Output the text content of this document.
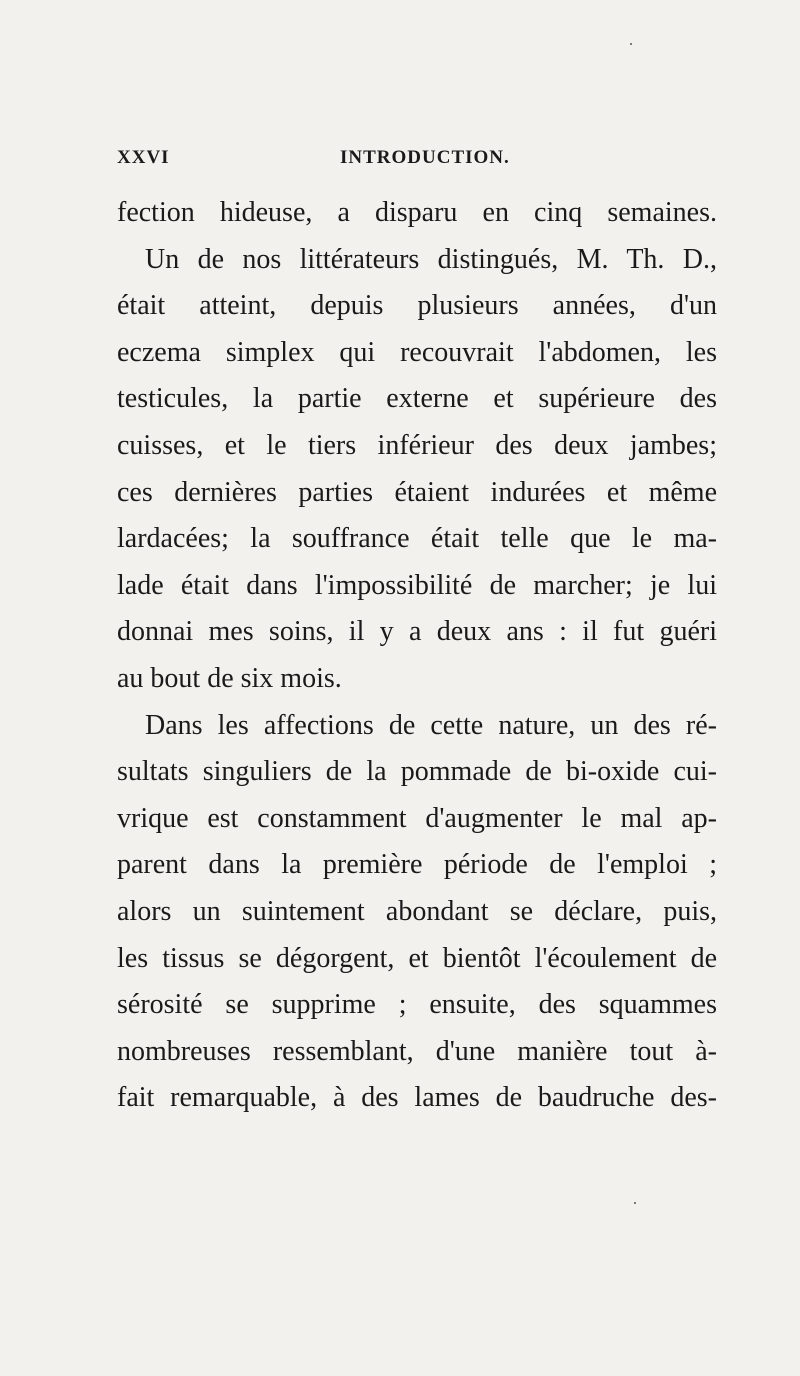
XXVI	INTRODUCTION.
fection hideuse, a disparu en cinq semaines.
Un de nos littérateurs distingués, M. Th. D.,
était atteint, depuis plusieurs années, d'un
eczema simplex qui recouvrait l'abdomen, les
testicules, la partie externe et supérieure des
cuisses, et le tiers inférieur des deux jambes;
ces dernières parties étaient indurées et même
lardacées; la souffrance était telle que le ma-
lade était dans l'impossibilité de marcher; je lui
donnai mes soins, il y a deux ans : il fut guéri
au bout de six mois.
Dans les affections de cette nature, un des ré-
sultats singuliers de la pommade de bi-oxide cui-
vrique est constamment d'augmenter le mal ap-
parent dans la première période de l'emploi ;
alors un suintement abondant se déclare, puis,
les tissus se dégorgent, et bientôt l'écoulement de
sérosité se supprime ; ensuite, des squammes
nombreuses ressemblant, d'une manière tout à-
fait remarquable, à des lames de baudruche des-
